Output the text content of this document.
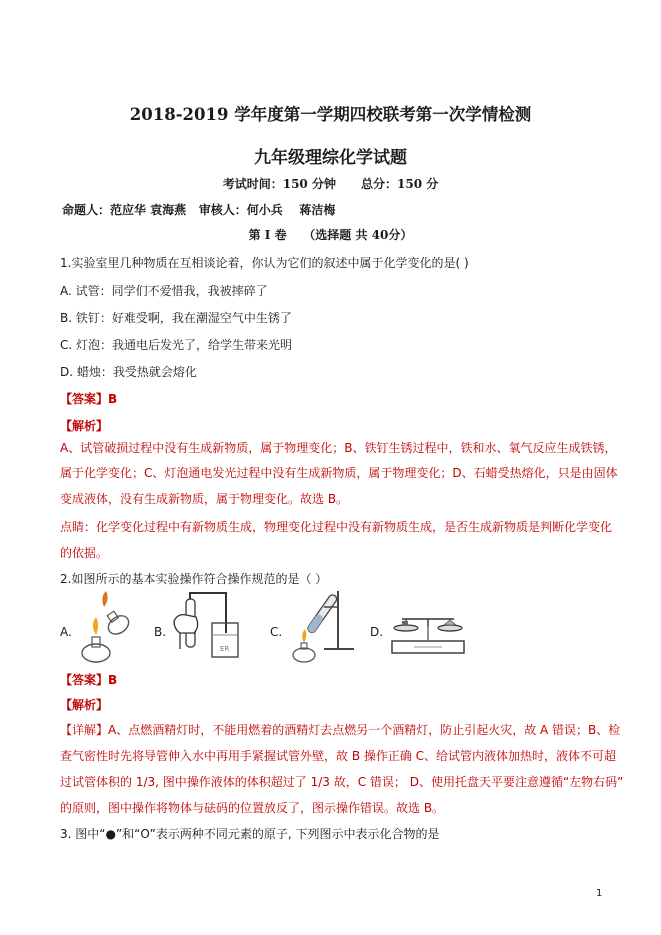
2018-2019 学年度第一学期四校联考第一次学情检测
九年级理综化学试题
考试时间：150 分钟      总分：150 分
命题人：范应华 袁海燕   审核人：何小兵    蒋洁梅
第 I 卷    （选择题 共 40分）
1.实验室里几种物质在互相谈论着，你认为它们的叙述中属于化学变化的是( )
A. 试管：同学们不爱惜我，我被摔碎了
B. 铁钉：好难受啊，我在潮湿空气中生锈了
C. 灯泡：我通电后发光了，给学生带来光明
D. 蜡烛：我受热就会熔化
【答案】B
【解析】
A、试管破损过程中没有生成新物质，属于物理变化；B、铁钉生锈过程中，铁和水、氧气反应生成铁锈，
属于化学变化；C、灯泡通电发光过程中没有生成新物质，属于物理变化；D、石蜡受热熔化，只是由固体
变成液体，没有生成新物质，属于物理变化。故选 B。
点睛：化学变化过程中有新物质生成，物理变化过程中没有新物质生成，是否生成新物质是判断化学变化
的依据。
2.如图所示的基本实验操作符合操作规范的是（ ）
A.	B.
ER
C.	D.
【答案】B
【解析】
【详解】A、点燃酒精灯时，不能用燃着的酒精灯去点燃另一个酒精灯，防止引起火灾，故 A 错误；B、检
查气密性时先将导管伸入水中再用手紧握试管外壁，故 B 操作正确 C、给试管内液体加热时，液体不可超
过试管体积的 1/3, 图中操作液体的体积超过了 1/3 故，C 错误； D、使用托盘天平要注意遵循“左物右码”
的原则，图中操作将物体与砝码的位置放反了，图示操作错误。故选 B。
3. 图中“●”和“O”表示两种不同元素的原子, 下列图示中表示化合物的是
1
